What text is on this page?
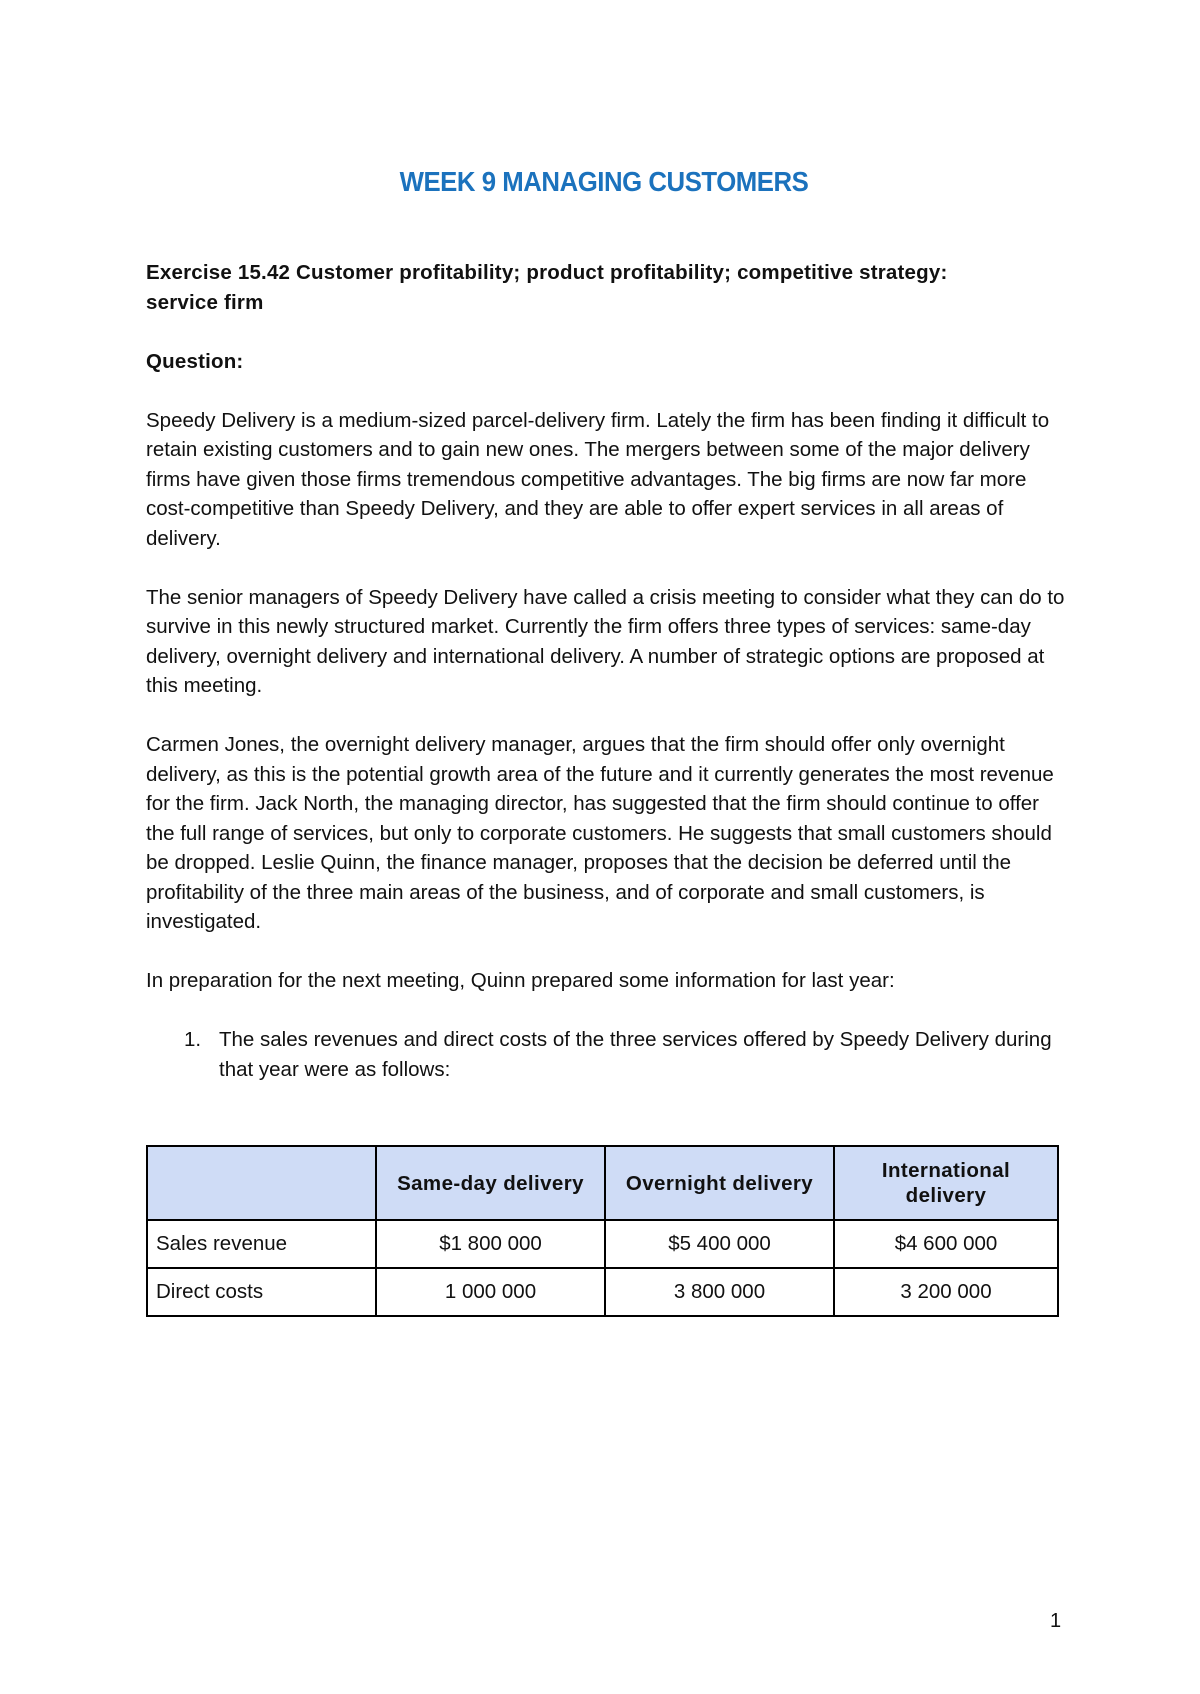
WEEK 9 MANAGING CUSTOMERS

Exercise 15.42 Customer profitability; product profitability; competitive strategy:
service firm

Question:

Speedy Delivery is a medium-sized parcel-delivery firm. Lately the firm has been finding it difficult to retain existing customers and to gain new ones. The mergers between some of the major delivery firms have given those firms tremendous competitive advantages. The big firms are now far more cost-competitive than Speedy Delivery, and they are able to offer expert services in all areas of delivery.

The senior managers of Speedy Delivery have called a crisis meeting to consider what they can do to survive in this newly structured market. Currently the firm offers three types of services: same-day delivery, overnight delivery and international delivery. A number of strategic options are proposed at this meeting.

Carmen Jones, the overnight delivery manager, argues that the firm should offer only overnight delivery, as this is the potential growth area of the future and it currently generates the most revenue for the firm. Jack North, the managing director, has suggested that the firm should continue to offer the full range of services, but only to corporate customers. He suggests that small customers should be dropped. Leslie Quinn, the finance manager, proposes that the decision be deferred until the profitability of the three main areas of the business, and of corporate and small customers, is investigated.

In preparation for the next meeting, Quinn prepared some information for last year:

1. The sales revenues and direct costs of the three services offered by Speedy Delivery during that year were as follows:
	Same-day delivery	Overnight delivery	International delivery
Sales revenue	$1 800 000	$5 400 000	$4 600 000
Direct costs	1 000 000	3 800 000	3 200 000
1
